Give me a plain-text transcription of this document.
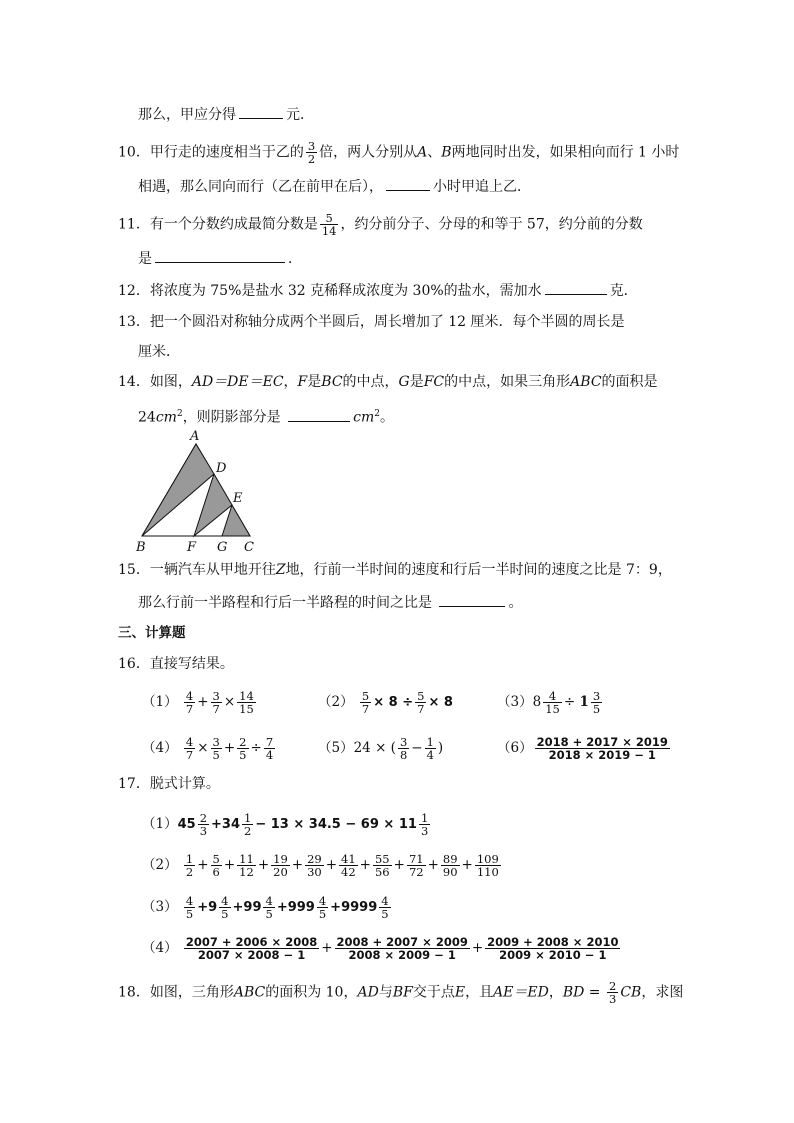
那么，甲应分得	元．
10．甲行走的速度相当于乙的 $\frac{3}{2}$ 倍，两人分别从A、B两地同时出发，如果相向而行 1 小时
相遇，那么同向而行（乙在前甲在后），	小时甲追上乙．
11．有一个分数约成最简分数是 $\frac{5}{14}$ ，约分前分子、分母的和等于 57，约分前的分数
是	．
12．将浓度为 75%是盐水 32 克稀释成浓度为 30%的盐水，需加水	克．
13．把一个圆沿对称轴分成两个半圆后，周长增加了 12 厘米．每个半圆的周长是
厘米．
14．如图，AD＝DE＝EC，F是BC的中点，G是FC的中点，如果三角形ABC的面积是
$24cm^2$，则阴影部分是	$cm^2$。
A
D
E
B	F G C
15．一辆汽车从甲地开往Z地，行前一半时间的速度和行后一半时间的速度之比是 7：9，
那么行前一半路程和行后一半路程的时间之比是	。
三、计算题
16．直接写结果。
$(1) \frac{4}{7} + \frac{3}{7} \times \frac{14}{15}$	$(2) \frac{5}{7} \times 8 \div \frac{5}{7} \times 8$	$(3)8 \frac{4}{15} \div 1 \frac{3}{5}$
$(4) \frac{4}{7} \times \frac{3}{5} + \frac{2}{5} \div \frac{7}{4}$	（5）24 × ( $\frac{3}{8} - \frac{1}{4}$ )	$(6) \frac{2018 + 2017 \times 2019}{2018 \times 2019 - 1}$
17．脱式计算。
$(1)45 \frac{2}{3} +34 \frac{1}{2} - 13 \times 34.5 - 69 \times 11 \frac{1}{3}$
$(2) \frac{1}{2} + \frac{5}{6} + \frac{11}{12} + \frac{19}{20} + \frac{29}{30} + \frac{41}{42} + \frac{55}{56} + \frac{71}{72} + \frac{89}{90} + \frac{109}{110}$
$(3) \frac{4}{5} +9 \frac{4}{5} +99 \frac{4}{5} +999 \frac{4}{5} +9999 \frac{4}{5}$
$(4) \frac{2007 + 2006 \times 2008}{2007 \times 2008 - 1} + \frac{2008 + 2007 \times 2009}{2008 \times 2009 - 1} + \frac{2009 + 2008 \times 2010}{2009 \times 2010 - 1}$
18．如图，三角形ABC的面积为 10，AD与BF交于点E，且AE＝ED，BD = $\frac{2}{3}$ CB，求图
